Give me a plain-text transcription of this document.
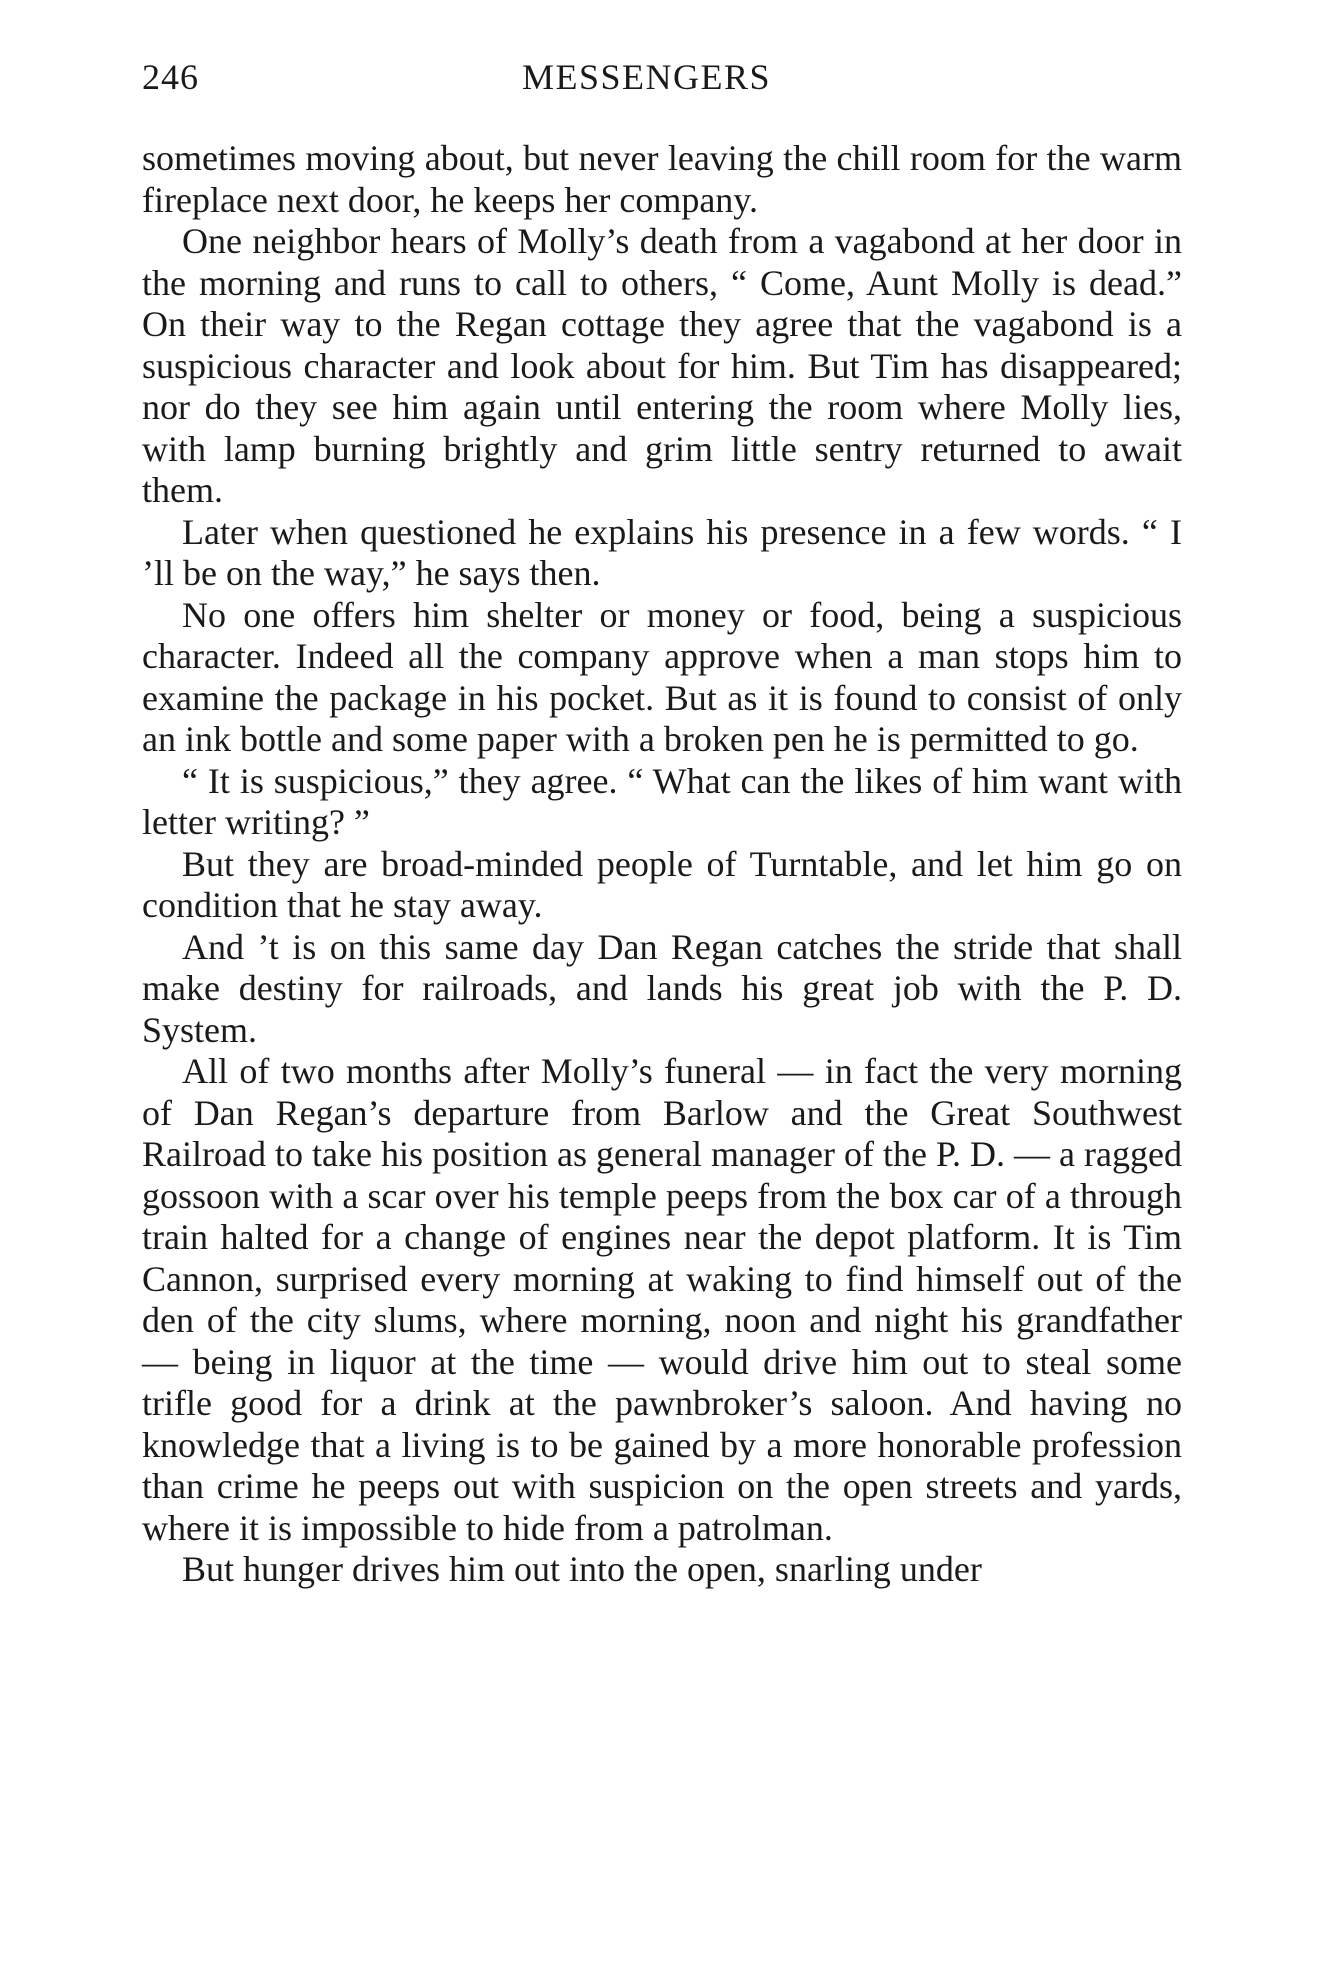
246	MESSENGERS

sometimes moving about, but never leaving the chill room for the warm fireplace next door, he keeps her company.

One neighbor hears of Molly’s death from a vagabond at her door in the morning and runs to call to others, “ Come, Aunt Molly is dead.” On their way to the Regan cottage they agree that the vagabond is a suspicious character and look about for him. But Tim has disappeared; nor do they see him again until entering the room where Molly lies, with lamp burning brightly and grim little sentry returned to await them.

Later when questioned he explains his presence in a few words. “ I ’ll be on the way,” he says then.

No one offers him shelter or money or food, being a suspicious character. Indeed all the company approve when a man stops him to examine the package in his pocket. But as it is found to consist of only an ink bottle and some paper with a broken pen he is permitted to go.

“ It is suspicious,” they agree. “ What can the likes of him want with letter writing? ”

But they are broad-minded people of Turntable, and let him go on condition that he stay away.

And ’t is on this same day Dan Regan catches the stride that shall make destiny for railroads, and lands his great job with the P. D. System.

All of two months after Molly’s funeral — in fact the very morning of Dan Regan’s departure from Barlow and the Great Southwest Railroad to take his position as general manager of the P. D. — a ragged gossoon with a scar over his temple peeps from the box car of a through train halted for a change of engines near the depot platform. It is Tim Cannon, surprised every morning at waking to find himself out of the den of the city slums, where morning, noon and night his grandfather — being in liquor at the time — would drive him out to steal some trifle good for a drink at the pawnbroker’s saloon. And having no knowledge that a living is to be gained by a more honorable profession than crime he peeps out with suspicion on the open streets and yards, where it is impossible to hide from a patrolman.

But hunger drives him out into the open, snarling under
